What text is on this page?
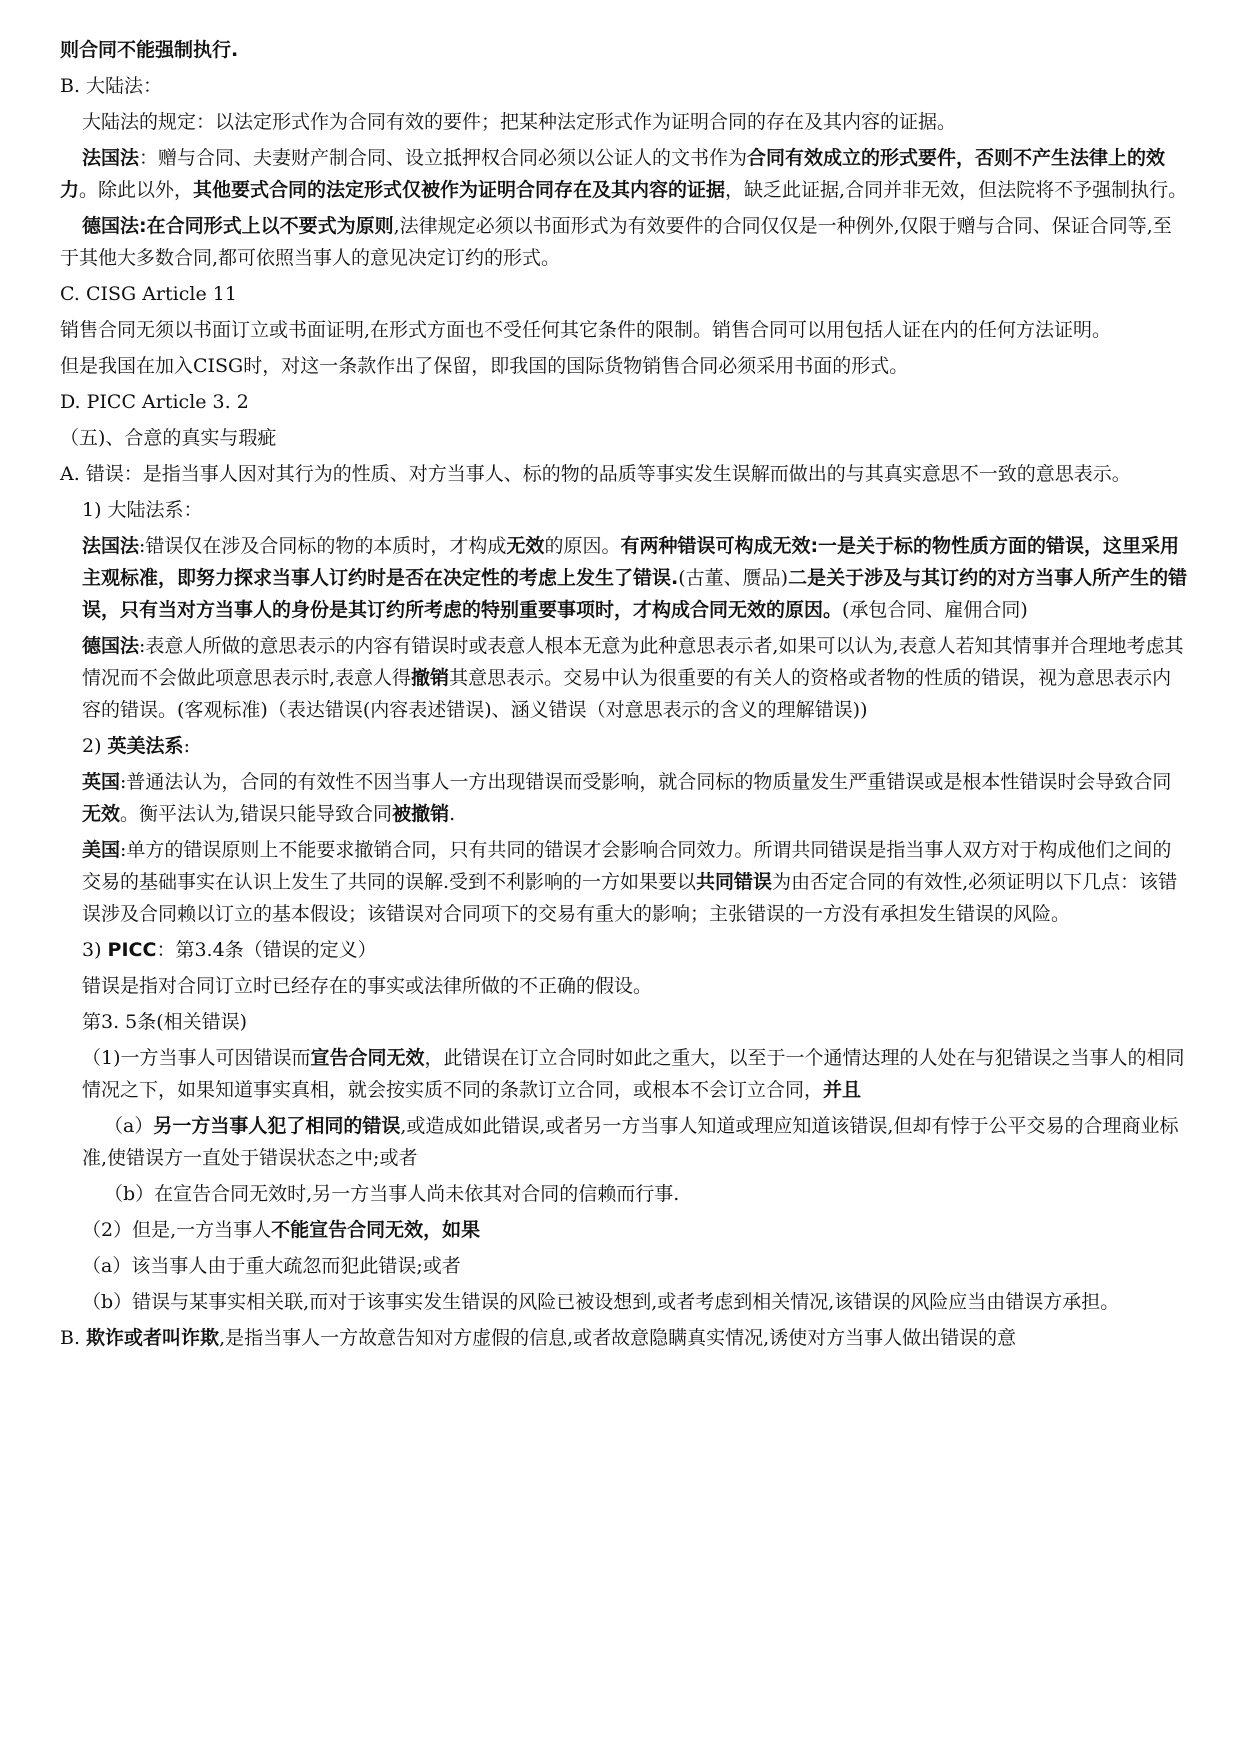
则合同不能强制执行.

B. 大陆法：

大陆法的规定：以法定形式作为合同有效的要件；把某种法定形式作为证明合同的存在及其内容的证据。

法国法：赠与合同、夫妻财产制合同、设立抵押权合同必须以公证人的文书作为合同有效成立的形式要件，否则不产生法律上的效力。除此以外，其他要式合同的法定形式仅被作为证明合同存在及其内容的证据，缺乏此证据,合同并非无效，但法院将不予强制执行。

德国法:在合同形式上以不要式为原则,法律规定必须以书面形式为有效要件的合同仅仅是一种例外,仅限于赠与合同、保证合同等,至于其他大多数合同,都可依照当事人的意见决定订约的形式。

C. CISG Article 11

销售合同无须以书面订立或书面证明,在形式方面也不受任何其它条件的限制。销售合同可以用包括人证在内的任何方法证明。

但是我国在加入CISG时，对这一条款作出了保留，即我国的国际货物销售合同必须采用书面的形式。

D. PICC Article 3. 2

（五)、合意的真实与瑕疵

A. 错误：是指当事人因对其行为的性质、对方当事人、标的物的品质等事实发生误解而做出的与其真实意思不一致的意思表示。

1) 大陆法系：

法国法:错误仅在涉及合同标的物的本质时，才构成无效的原因。有两种错误可构成无效:一是关于标的物性质方面的错误，这里采用主观标准，即努力探求当事人订约时是否在决定性的考虑上发生了错误.(古董、赝品)二是关于涉及与其订约的对方当事人所产生的错误，只有当对方当事人的身份是其订约所考虑的特别重要事项时，才构成合同无效的原因。(承包合同、雇佣合同)

德国法:表意人所做的意思表示的内容有错误时或表意人根本无意为此种意思表示者,如果可以认为,表意人若知其情事并合理地考虑其情况而不会做此项意思表示时,表意人得撤销其意思表示。交易中认为很重要的有关人的资格或者物的性质的错误，视为意思表示内容的错误。(客观标准)（表达错误(内容表述错误)、涵义错误（对意思表示的含义的理解错误))

2) 英美法系:

英国:普通法认为，合同的有效性不因当事人一方出现错误而受影响，就合同标的物质量发生严重错误或是根本性错误时会导致合同无效。衡平法认为,错误只能导致合同被撤销.

美国:单方的错误原则上不能要求撤销合同，只有共同的错误才会影响合同效力。所谓共同错误是指当事人双方对于构成他们之间的交易的基础事实在认识上发生了共同的误解.受到不利影响的一方如果要以共同错误为由否定合同的有效性,必须证明以下几点：该错误涉及合同赖以订立的基本假设；该错误对合同项下的交易有重大的影响；主张错误的一方没有承担发生错误的风险。

3) PICC：第3.4条（错误的定义）

错误是指对合同订立时已经存在的事实或法律所做的不正确的假设。

第3. 5条(相关错误)

（1)一方当事人可因错误而宣告合同无效，此错误在订立合同时如此之重大，以至于一个通情达理的人处在与犯错误之当事人的相同情况之下，如果知道事实真相，就会按实质不同的条款订立合同，或根本不会订立合同，并且

（a）另一方当事人犯了相同的错误,或造成如此错误,或者另一方当事人知道或理应知道该错误,但却有悖于公平交易的合理商业标准,使错误方一直处于错误状态之中;或者

（b）在宣告合同无效时,另一方当事人尚未依其对合同的信赖而行事.

（2）但是,一方当事人不能宣告合同无效，如果

（a）该当事人由于重大疏忽而犯此错误;或者

（b）错误与某事实相关联,而对于该事实发生错误的风险已被设想到,或者考虑到相关情况,该错误的风险应当由错误方承担。

B. 欺诈或者叫诈欺,是指当事人一方故意告知对方虚假的信息,或者故意隐瞒真实情况,诱使对方当事人做出错误的意
